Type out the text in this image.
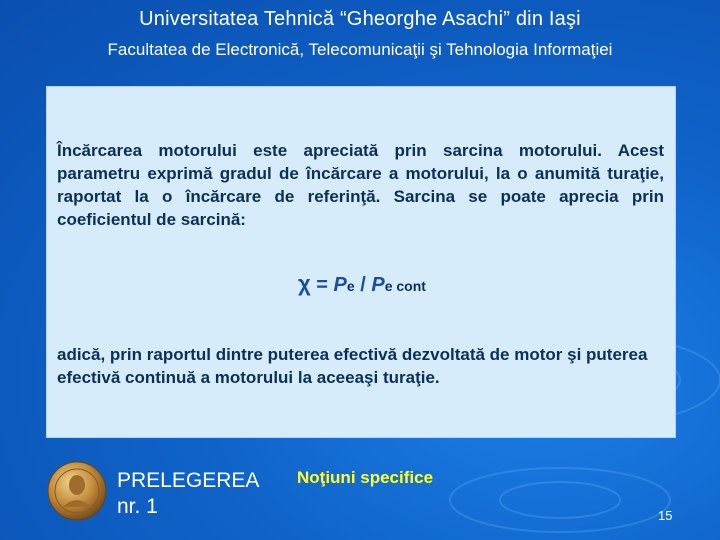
Universitatea Tehnică “Gheorghe Asachi” din Iaşi
Facultatea de Electronică, Telecomunicaţii şi Tehnologia Informaţiei
Încărcarea motorului este apreciată prin sarcina motorului. Acest parametru exprimă gradul de încărcare a motorului, la o anumită turaţie, raportat la o încărcare de referinţă. Sarcina se poate aprecia prin coeficientul de sarcină:
χ = Pe / Pe cont
adică, prin raportul dintre puterea efectivă dezvoltată de motor şi puterea efectivă continuă a motorului la aceeaşi turaţie.
PRELEGEREA
nr. 1
Noţiuni specifice
15
